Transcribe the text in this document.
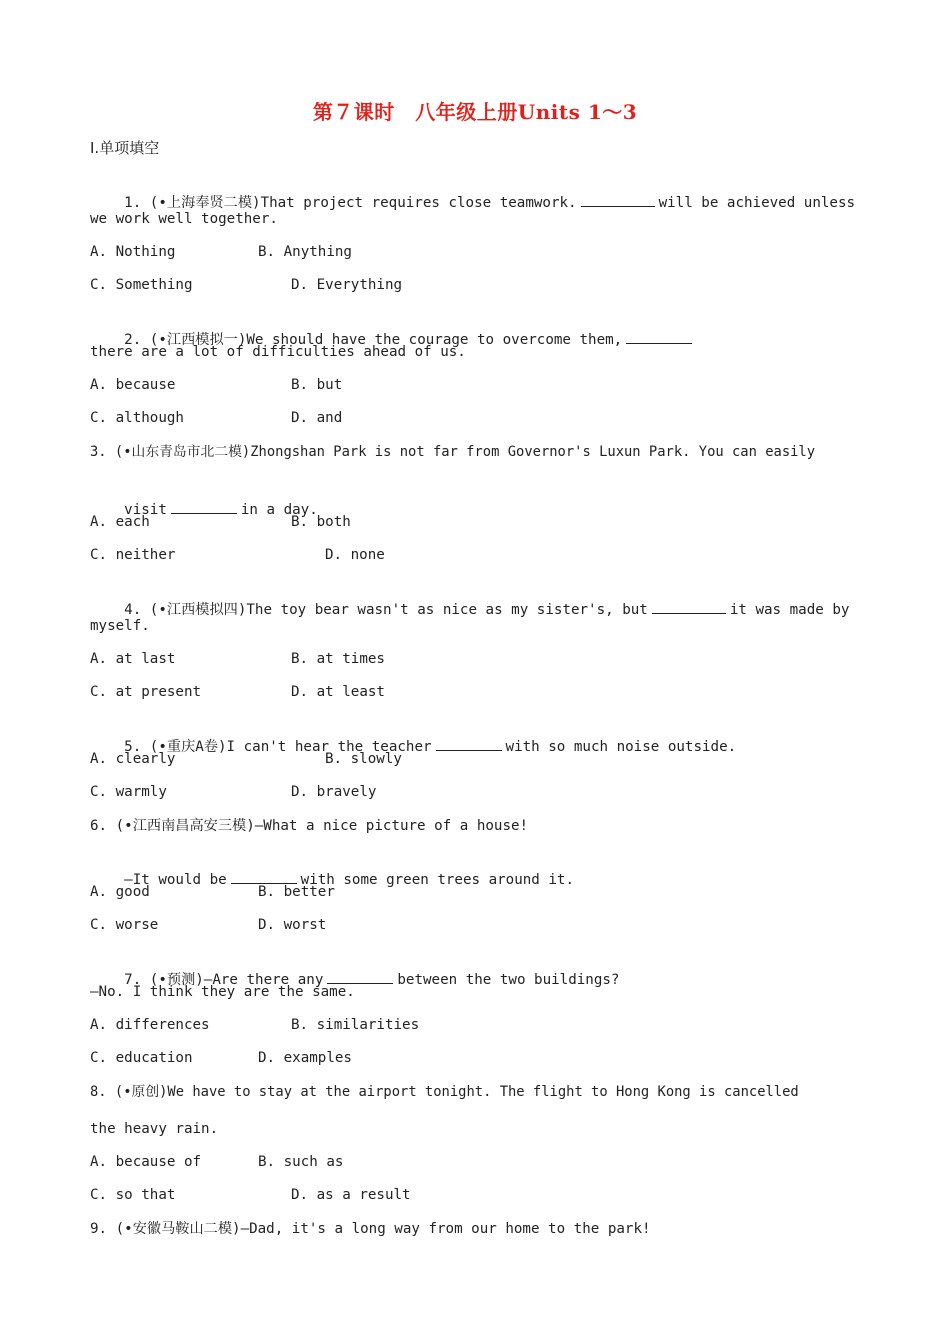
第７课时　八年级上册Units 1～3
Ⅰ.单项填空

1. (•上海奉贤二模)That project requires close teamwork.	will be achieved unless

we work well together.
A. Nothing	B. Anything
C. Something	D. Everything

2. (•江西模拟一)We should have the courage to overcome them,

there are a lot of difficulties ahead of us.
A. because	B. but
C. although	D. and
3. (•山东青岛市北二模)Zhongshan Park is not far from Governor's Luxun Park. You can easily

visit	in a day.

A. each	B. both
C. neither	D. none

4. (•江西模拟四)The toy bear wasn't as nice as my sister's, but	it was made by

myself.
A. at last	B. at times
C. at present	D. at least

5. (•重庆A卷)I can't hear the teacher	with so much noise outside.

A. clearly	B. slowly
C. warmly	D. bravely
6. (•江西南昌高安三模)—What a nice picture of a house!

—It would be	with some green trees around it.

A. good	B. better
C. worse	D. worst

7. (•预测)—Are there any	between the two buildings?

—No. I think they are the same.
A. differences	B. similarities
C. education	D. examples
8. (•原创)We have to stay at the airport tonight. The flight to Hong Kong is cancelled
the heavy rain.
A. because of	B. such as
C. so that	D. as a result
9. (•安徽马鞍山二模)—Dad, it's a long way from our home to the park!
